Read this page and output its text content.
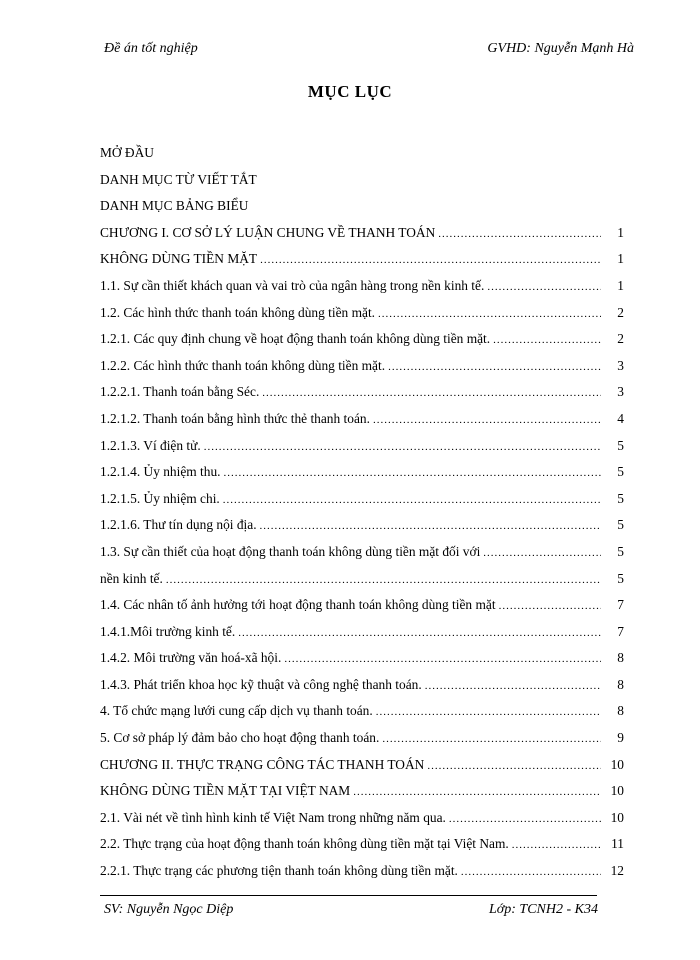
Đề án tốt nghiệp	GVHD: Nguyễn Mạnh Hà
MỤC LỤC
MỞ ĐẦU
DANH MỤC TỪ VIẾT TẮT
DANH MỤC BẢNG BIỂU
CHƯƠNG I. CƠ SỞ LÝ LUẬN CHUNG VỀ THANH TOÁN .....	1
KHÔNG DÙNG TIỀN MẶT .....	1
1.1. Sự cần thiết khách quan và vai trò của ngân hàng trong nền kinh tế. .....	1
1.2. Các hình thức thanh toán không dùng tiền mặt. .....	2
1.2.1. Các quy định chung về hoạt động thanh toán không dùng tiền mặt. .....	2
1.2.2. Các hình thức thanh toán không dùng tiền mặt. .....	3
1.2.2.1. Thanh toán bằng Séc. .....	3
1.2.1.2. Thanh toán bằng hình thức thẻ thanh toán. .....	4
1.2.1.3. Ví điện tử. .....	5
1.2.1.4. Ủy nhiệm thu. .....	5
1.2.1.5. Ủy nhiệm chi. .....	5
1.2.1.6. Thư tín dụng nội địa. .....	5
1.3. Sự cần thiết của hoạt động thanh toán không dùng tiền mặt đối với .....	5
nền kinh tế. .....	5
1.4. Các nhân tố ảnh hưởng tới hoạt động thanh toán không dùng tiền mặt .....	7
1.4.1.Môi trường kinh tế. .....	7
1.4.2. Môi trường văn hoá-xã hội. .....	8
1.4.3. Phát triển khoa học kỹ thuật và công nghệ thanh toán. .....	8
4. Tổ chức mạng lưới cung cấp dịch vụ thanh toán. .....	8
5. Cơ sở pháp lý đảm bảo cho hoạt động thanh toán. .....	9
CHƯƠNG II. THỰC TRẠNG CÔNG TÁC THANH TOÁN .....	10
KHÔNG DÙNG TIỀN MẶT TẠI VIỆT NAM .....	10
2.1. Vài nét về tình hình kinh tế Việt Nam trong những năm qua. .....	10
2.2. Thực trạng của hoạt động thanh toán không dùng tiền mặt tại Việt Nam. .....	11
2.2.1. Thực trạng các phương tiện thanh toán không dùng tiền mặt. .....	12
SV: Nguyễn Ngọc Diệp	Lớp: TCNH2 - K34
